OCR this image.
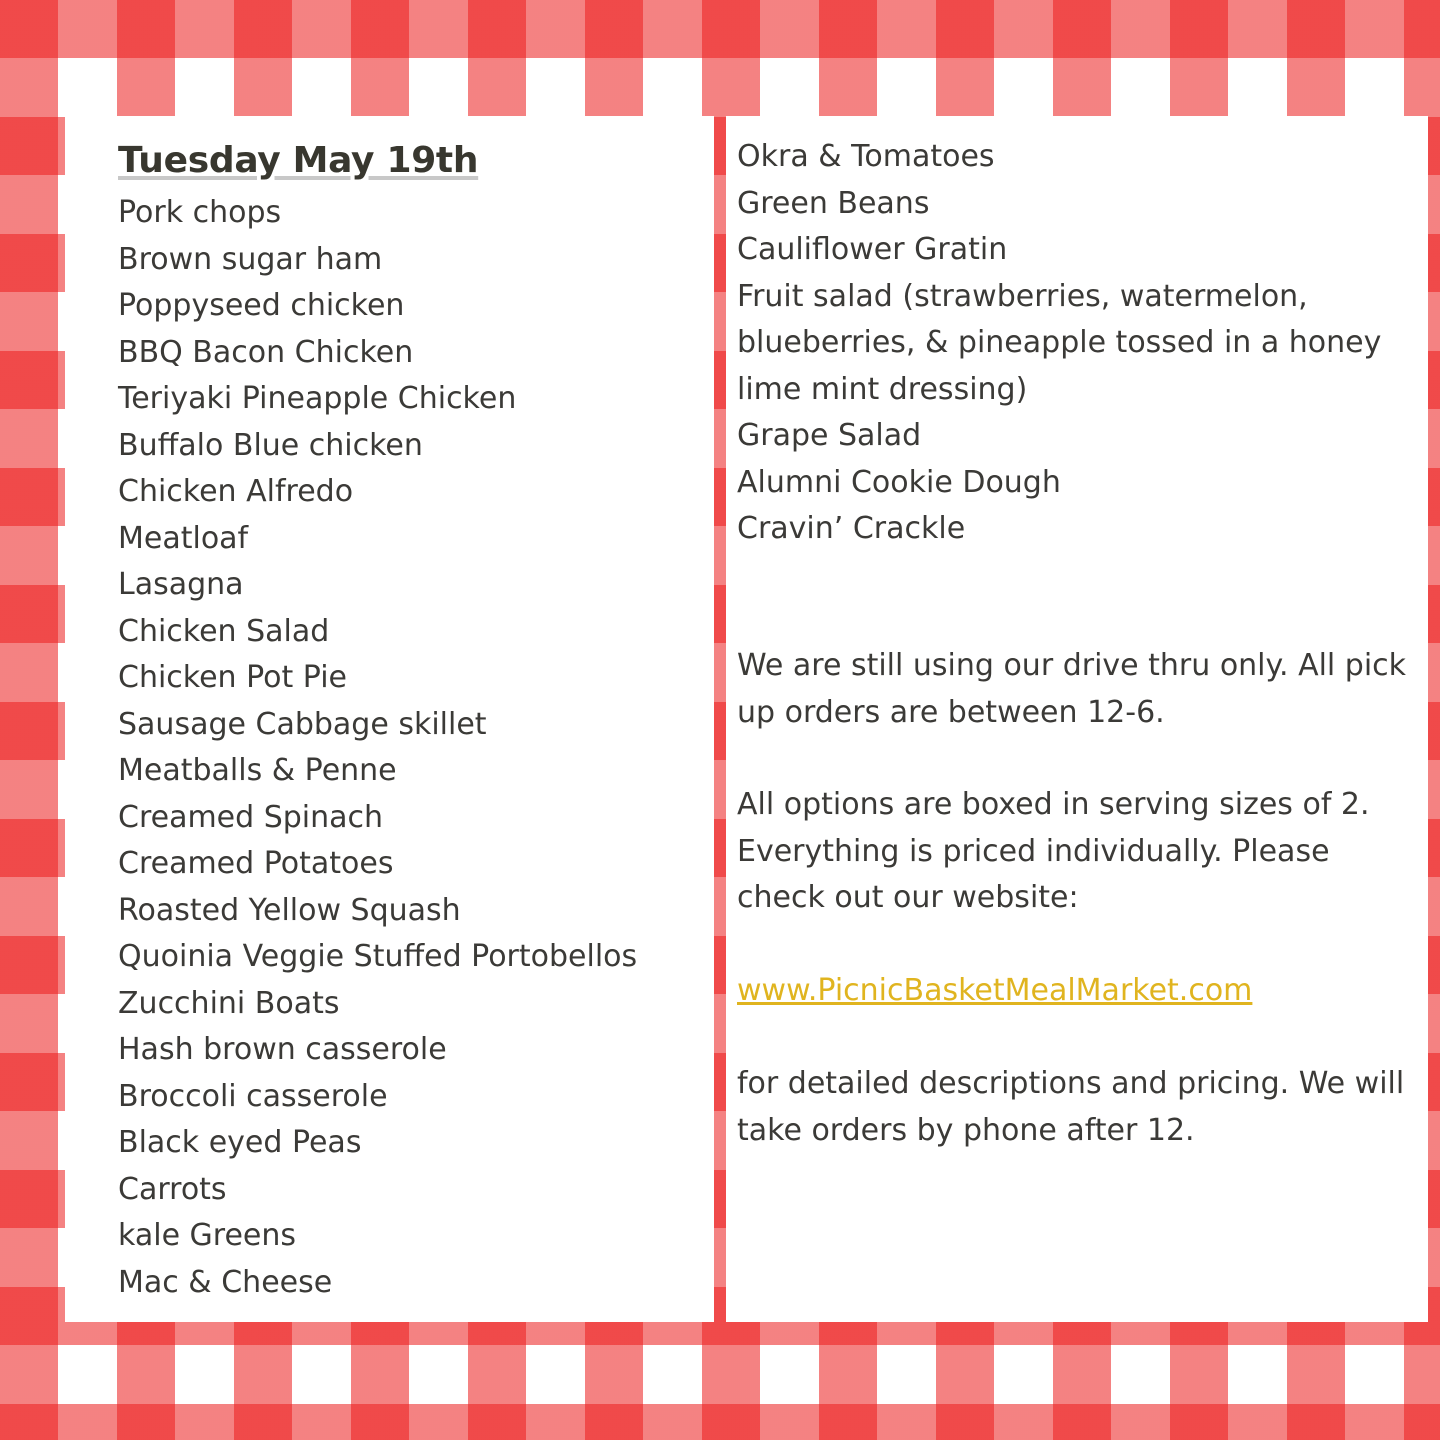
Tuesday May 19th
Pork chops
Brown sugar ham
Poppyseed chicken
BBQ Bacon Chicken
Teriyaki Pineapple Chicken
Buffalo Blue chicken
Chicken Alfredo
Meatloaf
Lasagna
Chicken Salad
Chicken Pot Pie
Sausage Cabbage skillet
Meatballs & Penne
Creamed Spinach
Creamed Potatoes
Roasted Yellow Squash
Quoinia Veggie Stuffed Portobellos
Zucchini Boats
Hash brown casserole
Broccoli casserole
Black eyed Peas
Carrots
kale Greens
Mac & Cheese
Okra & Tomatoes
Green Beans
Cauliflower Gratin
Fruit salad (strawberries, watermelon, blueberries, & pineapple tossed in a honey lime mint dressing)
Grape Salad
Alumni Cookie Dough
Cravin’ Crackle

We are still using our drive thru only. All pick up orders are between 12-6.

All options are boxed in serving sizes of 2. Everything is priced individually. Please check out our website:

www.PicnicBasketMealMarket.com

for detailed descriptions and pricing. We will take orders by phone after 12.
